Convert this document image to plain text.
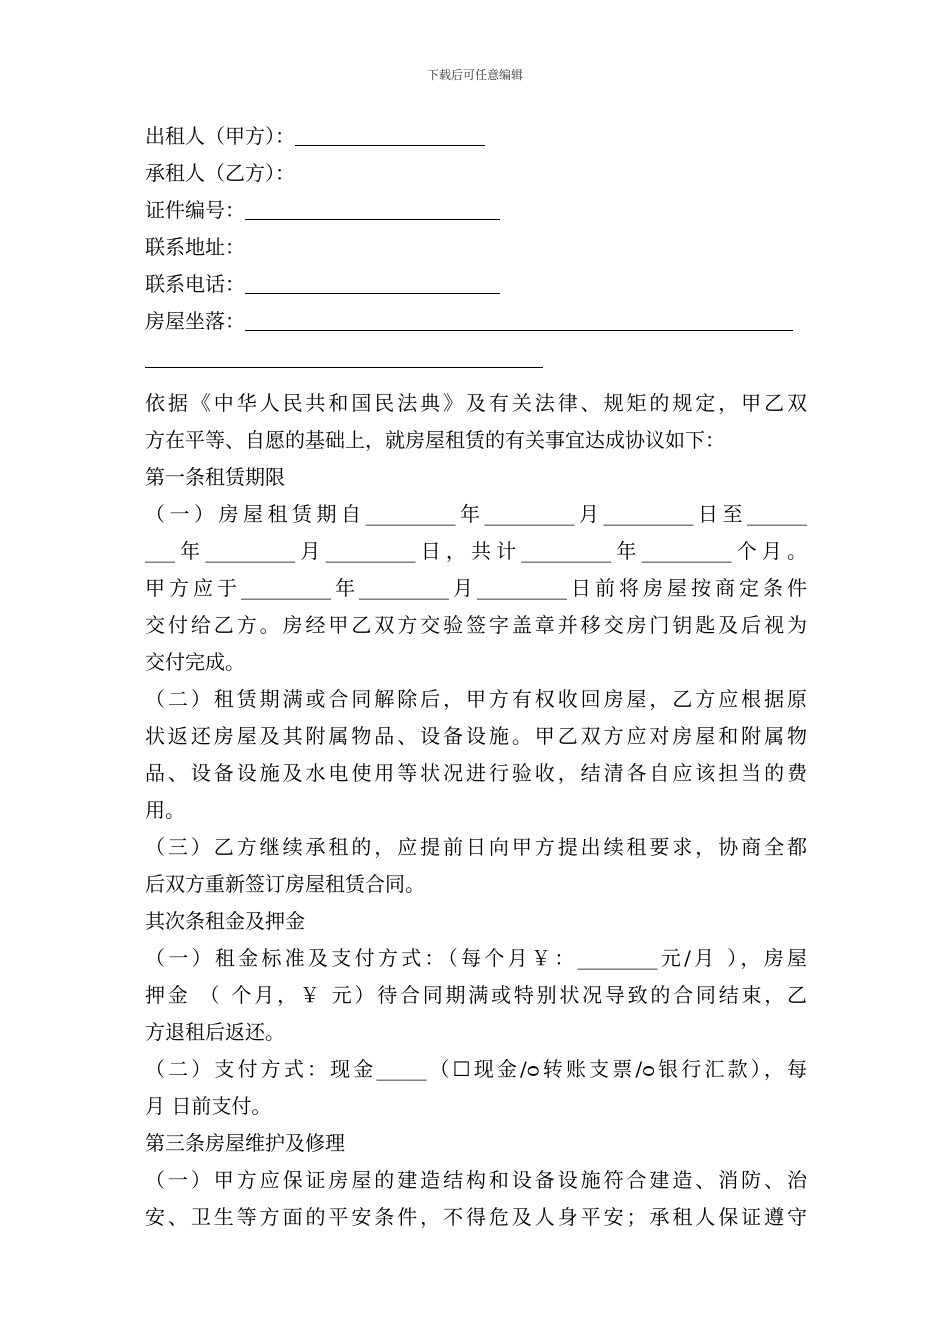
下载后可任意编辑
出租人（甲方）：
承租人（乙方）：
证件编号：
联系地址：
联系电话：
房屋坐落：
依据《中华人民共和国民法典》及有关法律、规矩的规定，甲乙双
方在平等、自愿的基础上，就房屋租赁的有关事宜达成协议如下：
第一条租赁期限
（一）房屋租赁期自_________年_________月_________日至______
___年_________月_________日，共计_________年_________个月。
甲方应于_________年_________月_________日前将房屋按商定条件
交付给乙方。房经甲乙双方交验签字盖章并移交房门钥匙及后视为
交付完成。
（二）租赁期满或合同解除后，甲方有权收回房屋，乙方应根据原
状返还房屋及其附属物品、设备设施。甲乙双方应对房屋和附属物
品、设备设施及水电使用等状况进行验收，结清各自应该担当的费
用。
（三）乙方继续承租的，应提前日向甲方提出续租要求，协商全都
后双方重新签订房屋租赁合同。
其次条租金及押金
（一）租金标准及支付方式：（每个月￥：________元/月 ），房屋
押金 （ 个月，￥ 元）待合同期满或特别状况导致的合同结束，乙
方退租后返还。
（二）支付方式：现金_____（☐现金/ᴑ转账支票/ᴑ银行汇款），每
月 日前支付。
第三条房屋维护及修理
（一）甲方应保证房屋的建造结构和设备设施符合建造、消防、治
安、卫生等方面的平安条件，不得危及人身平安；承租人保证遵守
